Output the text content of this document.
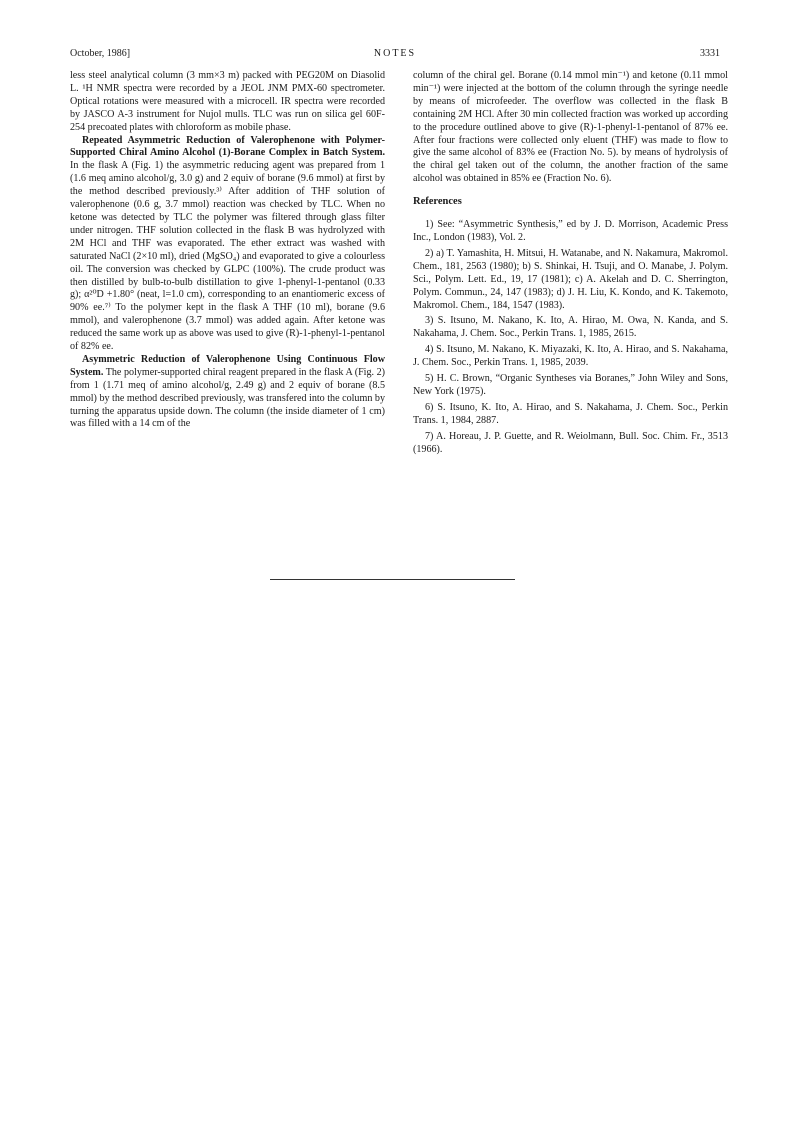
October, 1986]	NOTES	3331

less steel analytical column (3 mm×3 m) packed with PEG20M on Diasolid L. ¹H NMR spectra were recorded by a JEOL JNM PMX-60 spectrometer. Optical rotations were measured with a microcell. IR spectra were recorded by JASCO A-3 instrument for Nujol mulls. TLC was run on silica gel 60F-254 precoated plates with chloroform as mobile phase.

Repeated Asymmetric Reduction of Valerophenone with Polymer-Supported Chiral Amino Alcohol (1)-Borane Complex in Batch System. In the flask A (Fig. 1) the asymmetric reducing agent was prepared from 1 (1.6 meq amino alcohol/g, 3.0 g) and 2 equiv of borane (9.6 mmol) at first by the method described previously.³⁾ After addition of THF solution of valerophenone (0.6 g, 3.7 mmol) reaction was checked by TLC. When no ketone was detected by TLC the polymer was filtered through glass filter under nitrogen. THF solution collected in the flask B was hydrolyzed with 2M HCl and THF was evaporated. The ether extract was washed with saturated NaCl (2×10 ml), dried (MgSO₄) and evaporated to give a colourless oil. The conversion was checked by GLPC (100%). The crude product was then distilled by bulb-to-bulb distillation to give 1-phenyl-1-pentanol (0.33 g); α²⁰D +1.80° (neat, l=1.0 cm), corresponding to an enantiomeric excess of 90% ee.⁷⁾ To the polymer kept in the flask A THF (10 ml), borane (9.6 mmol), and valerophenone (3.7 mmol) was added again. After ketone was reduced the same work up as above was used to give (R)-1-phenyl-1-pentanol of 82% ee.

Asymmetric Reduction of Valerophenone Using Continuous Flow System. The polymer-supported chiral reagent prepared in the flask A (Fig. 2) from 1 (1.71 meq of amino alcohol/g, 2.49 g) and 2 equiv of borane (8.5 mmol) by the method described previously, was transfered into the column by turning the apparatus upside down. The column (the inside diameter of 1 cm) was filled with a 14 cm of the

column of the chiral gel. Borane (0.14 mmol min⁻¹) and ketone (0.11 mmol min⁻¹) were injected at the bottom of the column through the syringe needle by means of microfeeder. The overflow was collected in the flask B containing 2M HCl. After 30 min collected fraction was worked up according to the procedure outlined above to give (R)-1-phenyl-1-pentanol of 87% ee. After four fractions were collected only eluent (THF) was made to flow to give the same alcohol of 83% ee (Fraction No. 5). by means of hydrolysis of the chiral gel taken out of the column, the another fraction of the same alcohol was obtained in 85% ee (Fraction No. 6).

References

1) See: “Asymmetric Synthesis,” ed by J. D. Morrison, Academic Press Inc., London (1983), Vol. 2.

2) a) T. Yamashita, H. Mitsui, H. Watanabe, and N. Nakamura, Makromol. Chem., 181, 2563 (1980); b) S. Shinkai, H. Tsuji, and O. Manabe, J. Polym. Sci., Polym. Lett. Ed., 19, 17 (1981); c) A. Akelah and D. C. Sherrington, Polym. Commun., 24, 147 (1983); d) J. H. Liu, K. Kondo, and K. Takemoto, Makromol. Chem., 184, 1547 (1983).

3) S. Itsuno, M. Nakano, K. Ito, A. Hirao, M. Owa, N. Kanda, and S. Nakahama, J. Chem. Soc., Perkin Trans. 1, 1985, 2615.

4) S. Itsuno, M. Nakano, K. Miyazaki, K. Ito, A. Hirao, and S. Nakahama, J. Chem. Soc., Perkin Trans. 1, 1985, 2039.

5) H. C. Brown, “Organic Syntheses via Boranes,” John Wiley and Sons, New York (1975).

6) S. Itsuno, K. Ito, A. Hirao, and S. Nakahama, J. Chem. Soc., Perkin Trans. 1, 1984, 2887.

7) A. Horeau, J. P. Guette, and R. Weiolmann, Bull. Soc. Chim. Fr., 3513 (1966).
